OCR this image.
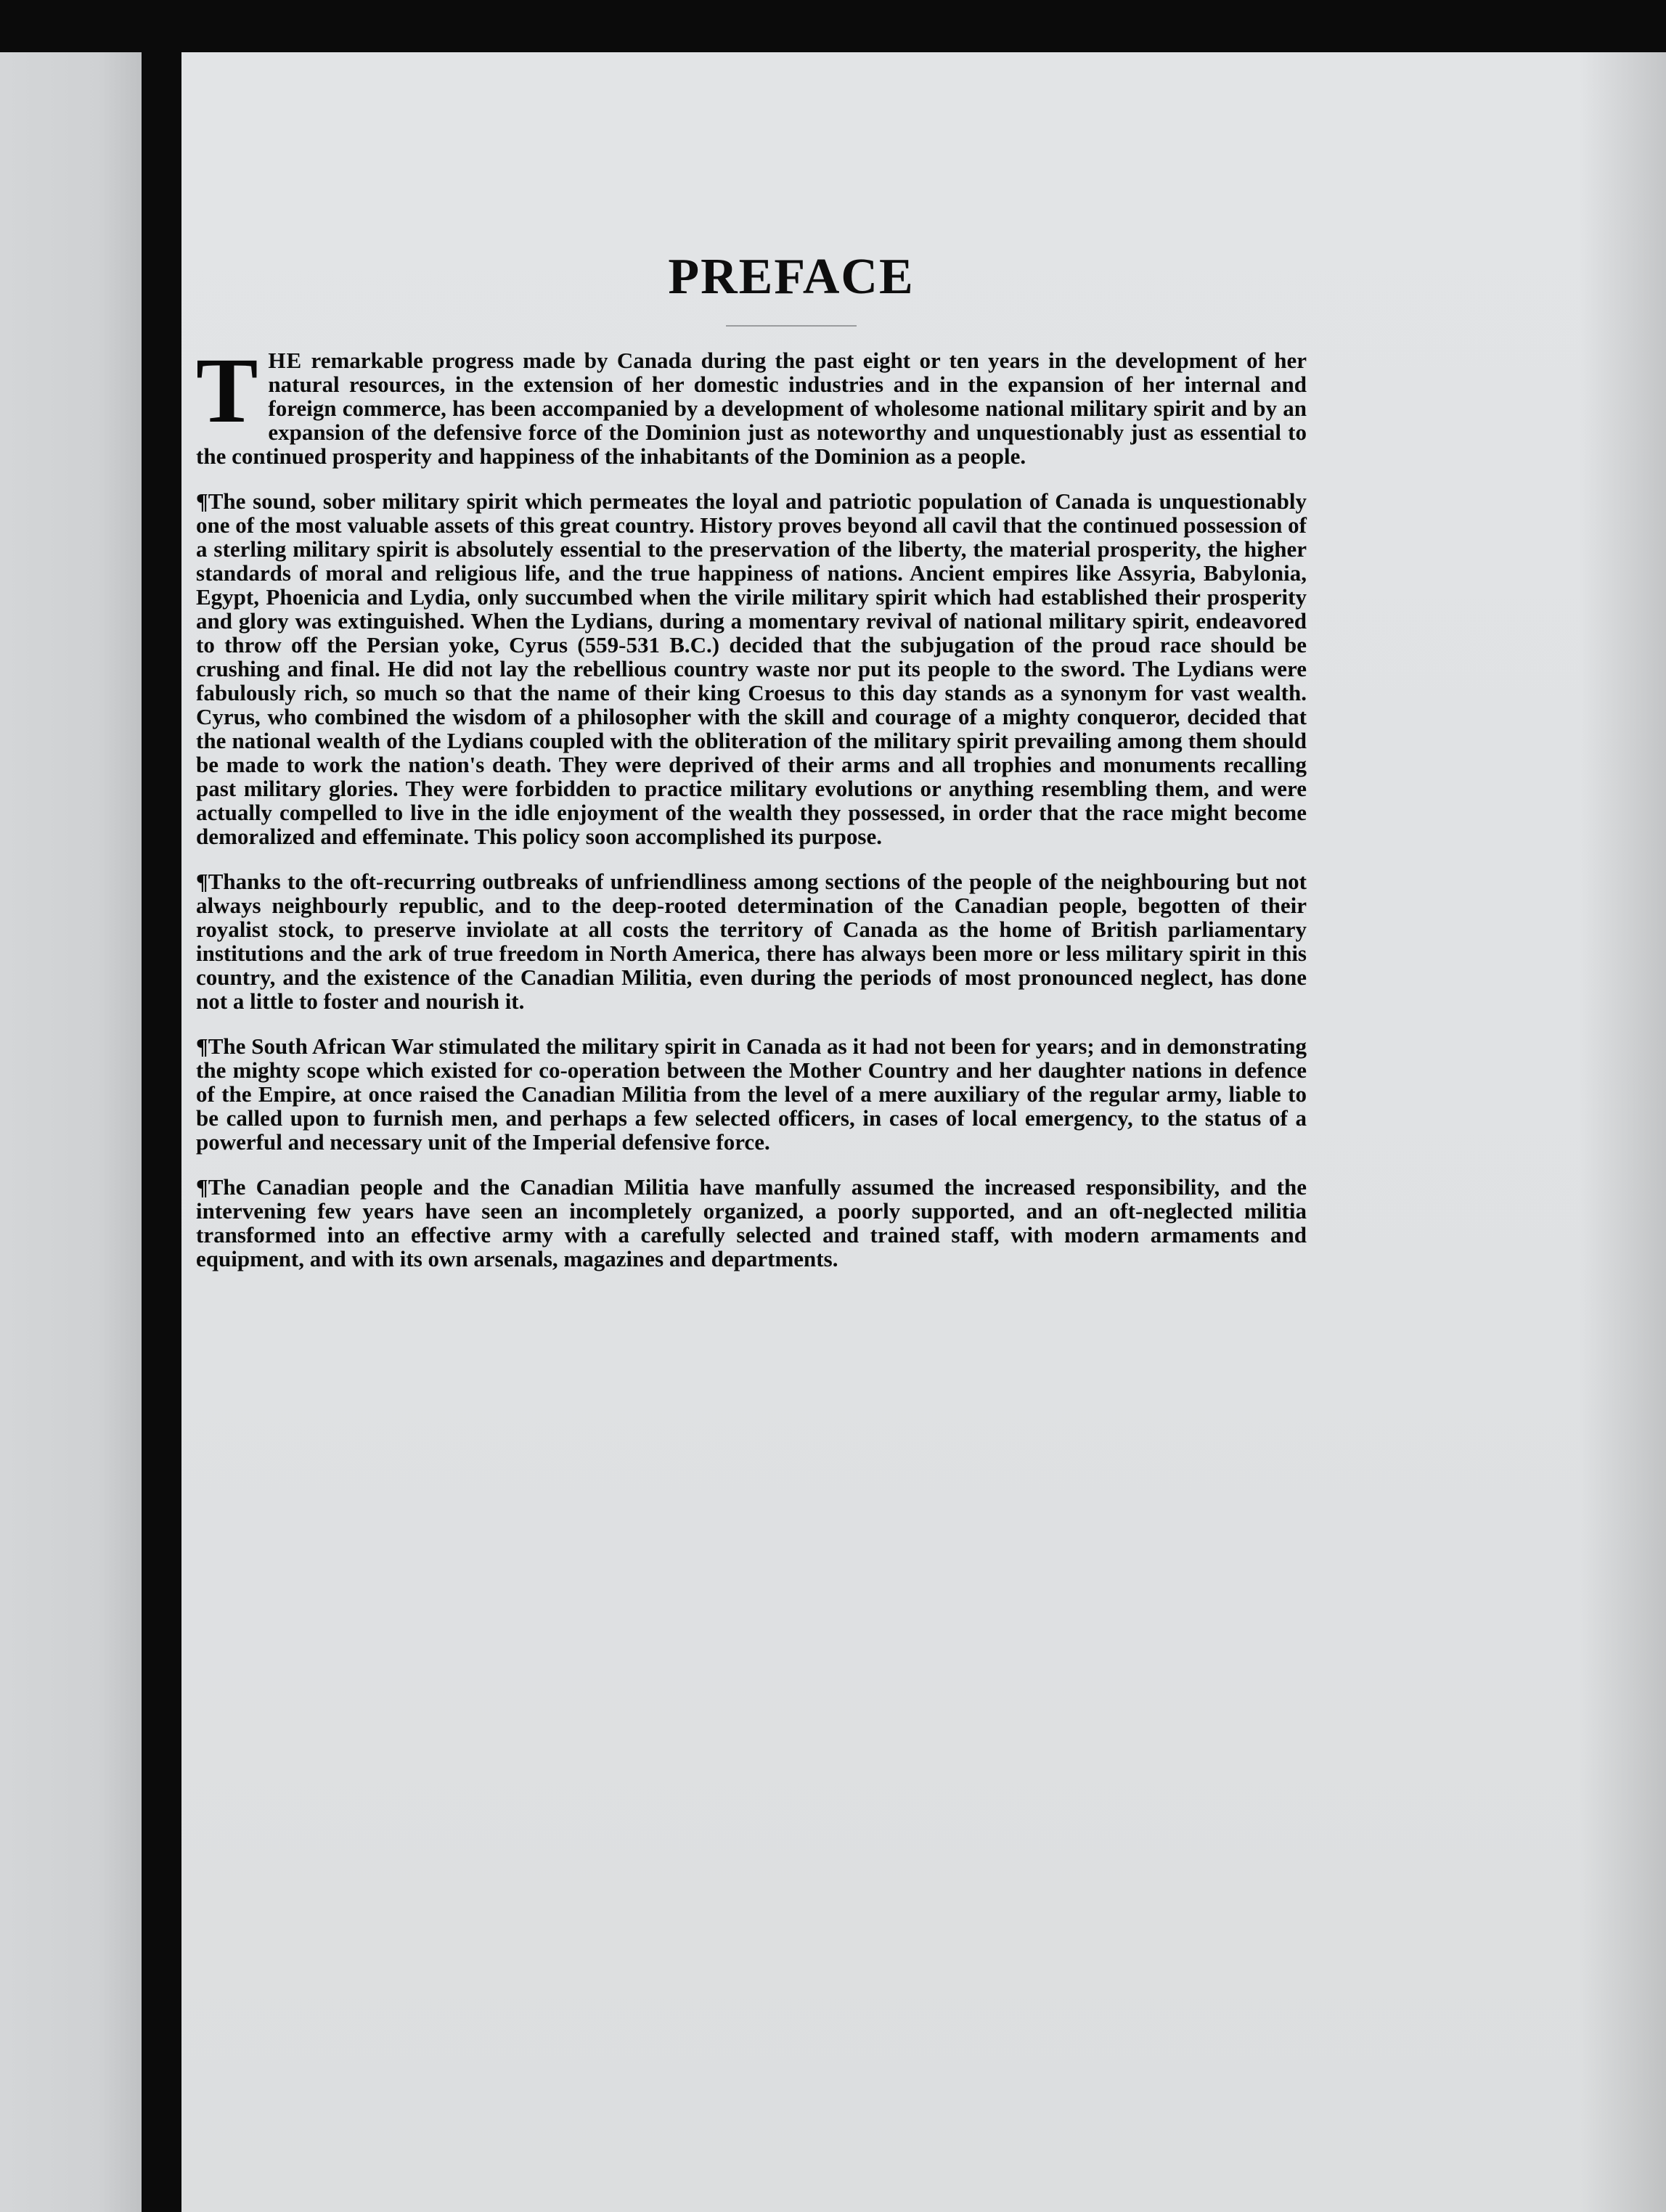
PREFACE

THE remarkable progress made by Canada during the past eight or ten years in the development of her natural resources, in the extension of her domestic industries and in the expansion of her internal and foreign commerce, has been accompanied by a development of wholesome national military spirit and by an expansion of the defensive force of the Dominion just as noteworthy and unquestionably just as essential to the continued prosperity and happiness of the inhabitants of the Dominion as a people.

¶The sound, sober military spirit which permeates the loyal and patriotic population of Canada is unquestionably one of the most valuable assets of this great country. History proves beyond all cavil that the continued possession of a sterling military spirit is absolutely essential to the preservation of the liberty, the material prosperity, the higher standards of moral and religious life, and the true happiness of nations. Ancient empires like Assyria, Babylonia, Egypt, Phoenicia and Lydia, only succumbed when the virile military spirit which had established their prosperity and glory was extinguished. When the Lydians, during a momentary revival of national military spirit, endeavored to throw off the Persian yoke, Cyrus (559-531 B.C.) decided that the subjugation of the proud race should be crushing and final. He did not lay the rebellious country waste nor put its people to the sword. The Lydians were fabulously rich, so much so that the name of their king Croesus to this day stands as a synonym for vast wealth. Cyrus, who combined the wisdom of a philosopher with the skill and courage of a mighty conqueror, decided that the national wealth of the Lydians coupled with the obliteration of the military spirit prevailing among them should be made to work the nation's death. They were deprived of their arms and all trophies and monuments recalling past military glories. They were forbidden to practice military evolutions or anything resembling them, and were actually compelled to live in the idle enjoyment of the wealth they possessed, in order that the race might become demoralized and effeminate. This policy soon accomplished its purpose.

¶Thanks to the oft-recurring outbreaks of unfriendliness among sections of the people of the neighbouring but not always neighbourly republic, and to the deep-rooted determination of the Canadian people, begotten of their royalist stock, to preserve inviolate at all costs the territory of Canada as the home of British parliamentary institutions and the ark of true freedom in North America, there has always been more or less military spirit in this country, and the existence of the Canadian Militia, even during the periods of most pronounced neglect, has done not a little to foster and nourish it.

¶The South African War stimulated the military spirit in Canada as it had not been for years; and in demonstrating the mighty scope which existed for co-operation between the Mother Country and her daughter nations in defence of the Empire, at once raised the Canadian Militia from the level of a mere auxiliary of the regular army, liable to be called upon to furnish men, and perhaps a few selected officers, in cases of local emergency, to the status of a powerful and necessary unit of the Imperial defensive force.

¶The Canadian people and the Canadian Militia have manfully assumed the increased responsibility, and the intervening few years have seen an incompletely organized, a poorly supported, and an oft-neglected militia transformed into an effective army with a carefully selected and trained staff, with modern armaments and equipment, and with its own arsenals, magazines and departments.
